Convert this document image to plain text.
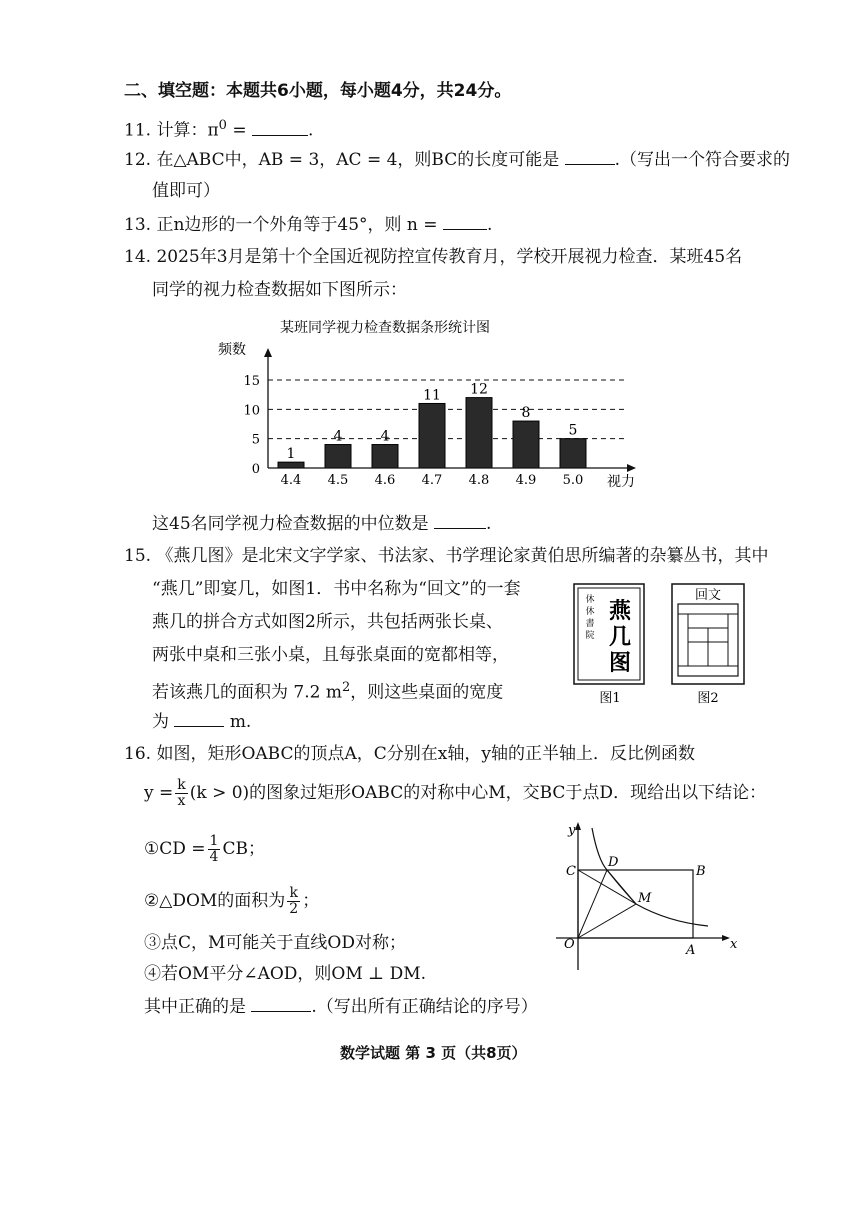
二、填空题：本题共6小题，每小题4分，共24分。
11. 计算：$\pi^0$ =	.
12. 在△ABC中，AB = 3，AC = 4，则BC的长度可能是	.（写出一个符合要求的
值即可）
13. 正n边形的一个外角等于45°，则 n =	.
14. 2025年3月是第十个全国近视防控宣传教育月，学校开展视力检查．某班45名
同学的视力检查数据如下图所示：
某班同学视力检查数据条形统计图
频数
0
5
10
15
1
4.4
4
4.5
4
4.6
11
4.7
12
4.8
8
4.9
5
5.0 视力
这45名同学视力检查数据的中位数是	.
15. 《燕几图》是北宋文字学家、书法家、书学理论家黄伯思所编著的杂纂丛书，其中
“燕几”即宴几，如图1．书中名称为“回文”的一套
燕几的拼合方式如图2所示，共包括两张长桌、
两张中桌和三张小桌，且每张桌面的宽都相等，
若该燕几的面积为 7.2 $m^2$，则这些桌面的宽度
为	m.
燕
几
图
休
休
書
院
图1
回文
图2
16. 如图，矩形OABC的顶点A，C分别在x轴，y轴的正半轴上．反比例函数
$y = \frac{k}{x} (k > 0)$的图象过矩形OABC的对称中心M，交BC于点D．现给出以下结论：
①CD = $\frac{1}{4}$ CB；
②△DOM的面积为 $\frac{k}{2}$ ；
③点C，M可能关于直线OD对称；
④若OM平分∠AOD，则OM ⊥ DM.
其中正确的是	.（写出所有正确结论的序号）
y
x
O	A
B
C
D
M
数学试题 第 3 页（共8页）
